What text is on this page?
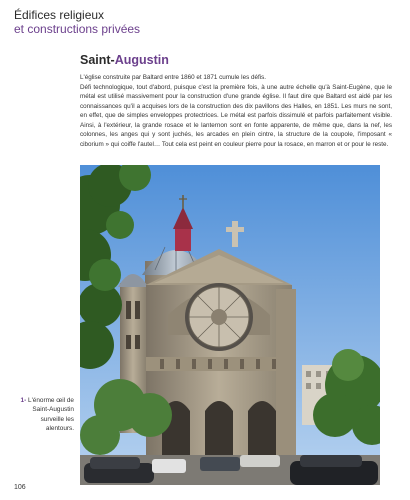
Édifices religieux
et constructions privées
Saint-Augustin

L'église construite par Baltard entre 1860 et 1871 cumule les défis.

Défi technologique, tout d'abord, puisque c'est la première fois, à une autre échelle qu'à Saint-Eugène, que le métal est utilisé massivement pour la construction d'une grande église. Il faut dire que Baltard est aidé par les connaissances qu'il a acquises lors de la construction des dix pavillons des Halles, en 1851. Les murs ne sont, en effet, que de simples enveloppes protectrices. Le métal est parfois dissimulé et parfois parfaitement visible. Ainsi, à l'extérieur, la grande rosace et le lanternon sont en fonte apparente, de même que, dans la nef, les colonnes, les anges qui y sont juchés, les arcades en plein cintre, la structure de la coupole, l'imposant « ciborium » qui coiffe l'autel… Tout cela est peint en couleur pierre pour la rosace, en marron et or pour le reste.

1- L'énorme œil de Saint-Augustin surveille les alentours.
106
